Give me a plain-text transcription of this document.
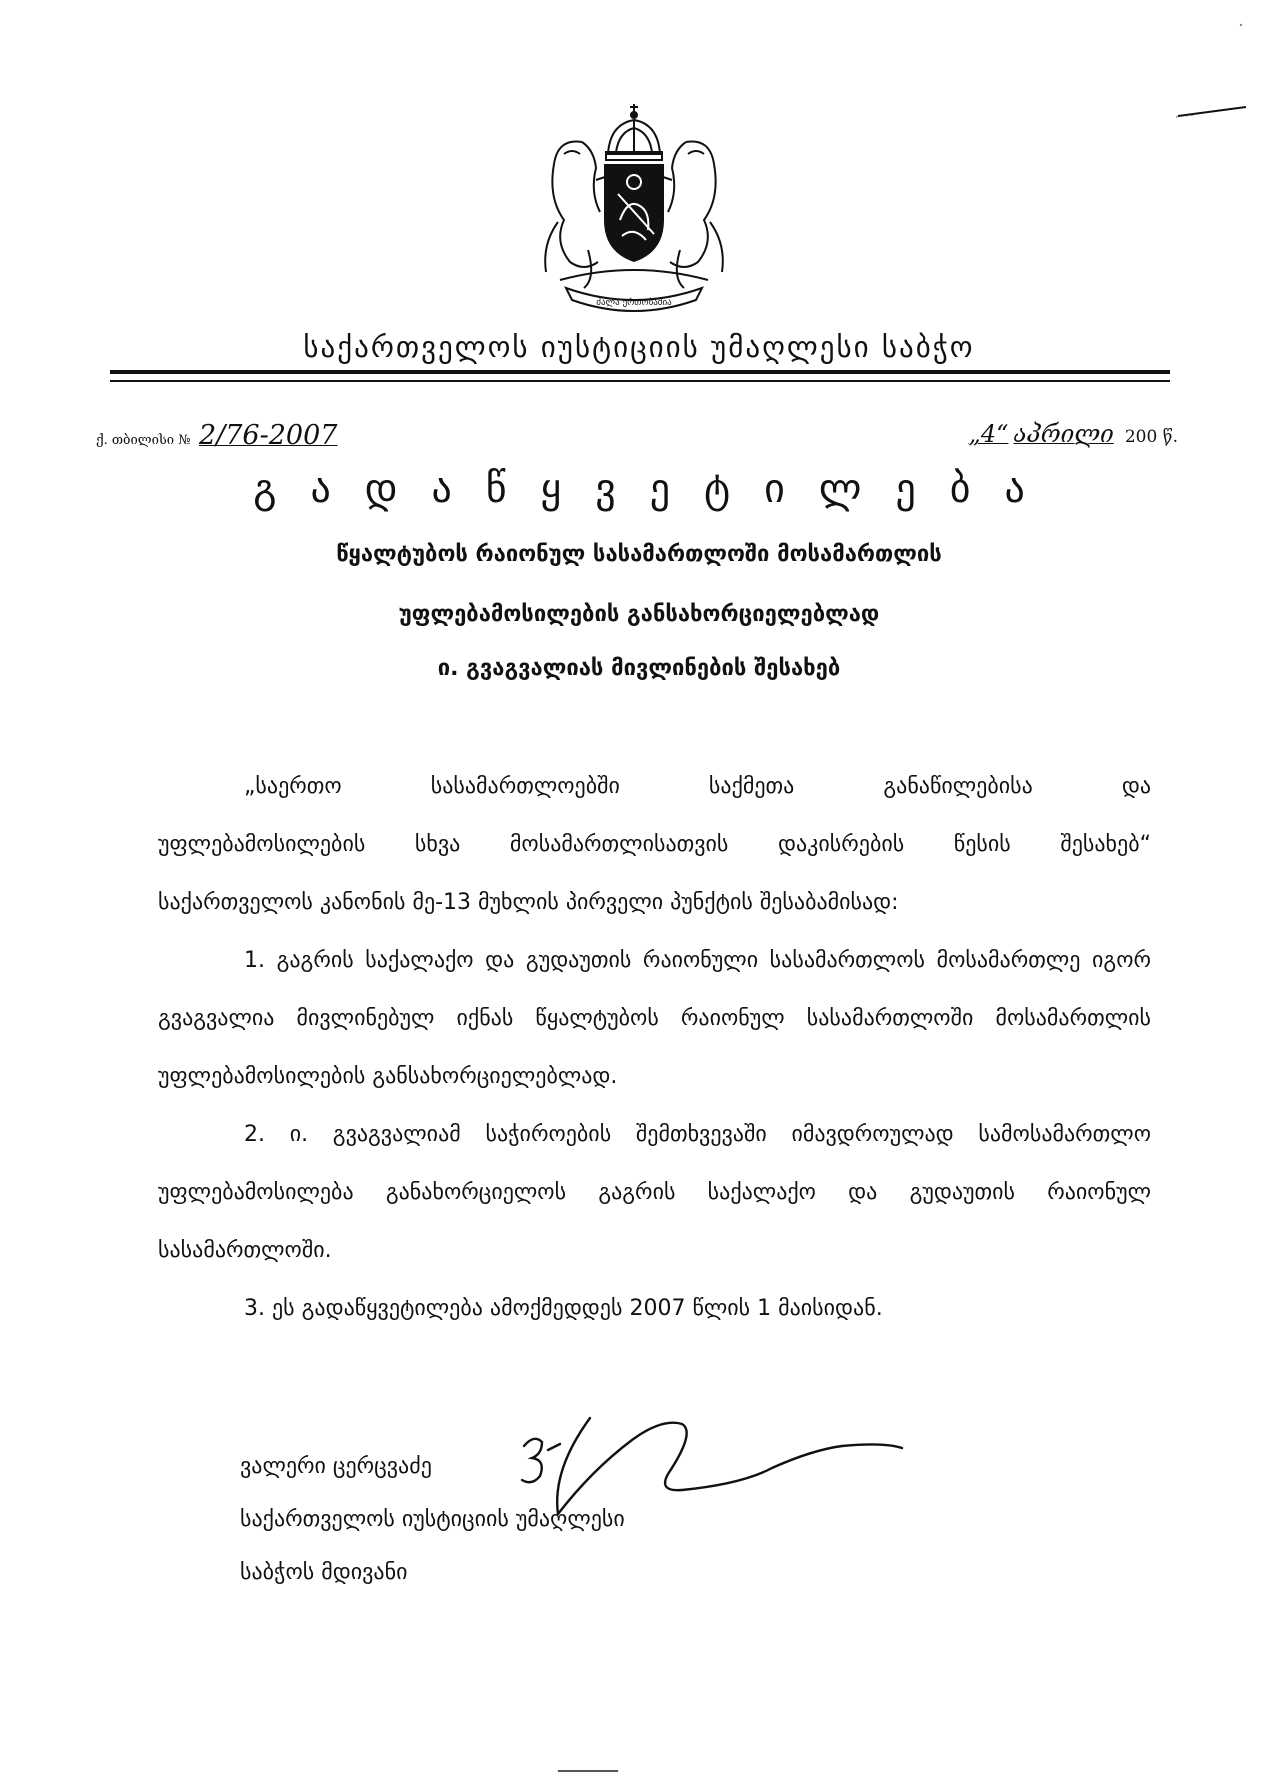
ძალა ერთობაშია
საქართველოს იუსტიციის უმაღლესი საბჭო
ქ. თბილისი № 2/76-2007	„4“ აპრილი 200 წ.
გადაწყვეტილება
წყალტუბოს რაიონულ სასამართლოში მოსამართლის
უფლებამოსილების განსახორციელებლად
ი. გვაგვალიას მივლინების შესახებ

„საერთო სასამართლოებში საქმეთა განაწილებისა და

უფლებამოსილების სხვა მოსამართლისათვის დაკისრების წესის შესახებ“

საქართველოს კანონის მე-13 მუხლის პირველი პუნქტის შესაბამისად:

1. გაგრის საქალაქო და გუდაუთის რაიონული სასამართლოს მოსამართლე იგორ გვაგვალია მივლინებულ იქნას წყალტუბოს რაიონულ სასამართლოში მოსამართლის უფლებამოსილების განსახორციელებლად.

2. ი. გვაგვალიამ საჭიროების შემთხვევაში იმავდროულად სამოსამართლო უფლებამოსილება განახორციელოს გაგრის საქალაქო და გუდაუთის რაიონულ სასამართლოში.

3. ეს გადაწყვეტილება ამოქმედდეს 2007 წლის 1 მაისიდან.

ვალერი ცერცვაძე
საქართველოს იუსტიციის უმაღლესი
საბჭოს მდივანი
